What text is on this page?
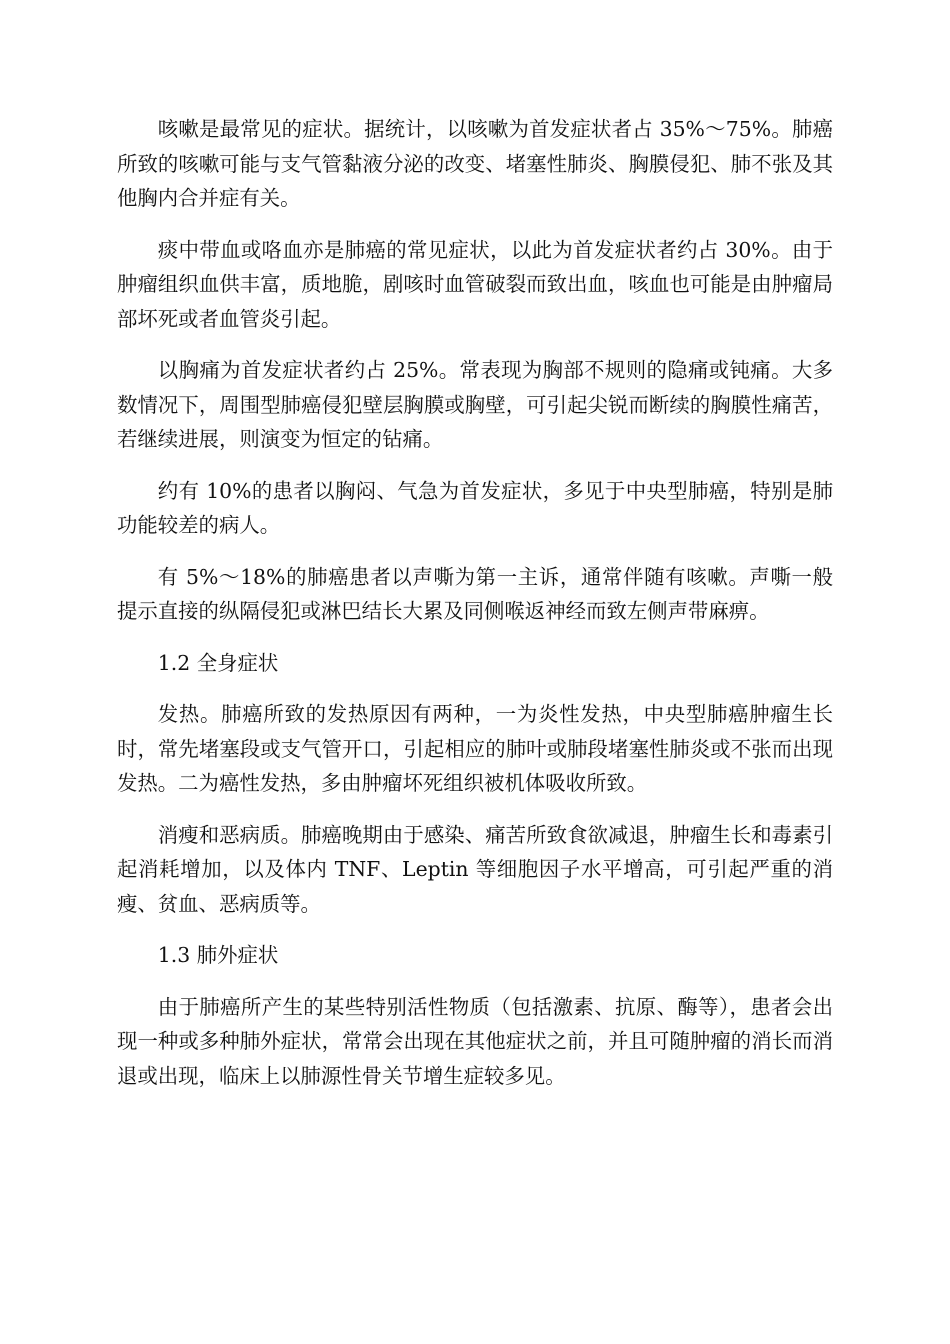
咳嗽是最常见的症状。据统计，以咳嗽为首发症状者占 35%～75%。肺癌所致的咳嗽可能与支气管黏液分泌的改变、堵塞性肺炎、胸膜侵犯、肺不张及其他胸内合并症有关。

痰中带血或咯血亦是肺癌的常见症状，以此为首发症状者约占 30%。由于肿瘤组织血供丰富，质地脆，剧咳时血管破裂而致出血，咳血也可能是由肿瘤局部坏死或者血管炎引起。

以胸痛为首发症状者约占 25%。常表现为胸部不规则的隐痛或钝痛。大多数情况下，周围型肺癌侵犯壁层胸膜或胸壁，可引起尖锐而断续的胸膜性痛苦，若继续进展，则演变为恒定的钻痛。

约有 10%的患者以胸闷、气急为首发症状，多见于中央型肺癌，特别是肺功能较差的病人。

有 5%～18%的肺癌患者以声嘶为第一主诉，通常伴随有咳嗽。声嘶一般提示直接的纵隔侵犯或淋巴结长大累及同侧喉返神经而致左侧声带麻痹。

1.2 全身症状

发热。肺癌所致的发热原因有两种，一为炎性发热，中央型肺癌肿瘤生长时，常先堵塞段或支气管开口，引起相应的肺叶或肺段堵塞性肺炎或不张而出现发热。二为癌性发热，多由肿瘤坏死组织被机体吸收所致。

消瘦和恶病质。肺癌晚期由于感染、痛苦所致食欲减退，肿瘤生长和毒素引起消耗增加，以及体内 TNF、Leptin 等细胞因子水平增高，可引起严重的消瘦、贫血、恶病质等。

1.3 肺外症状

由于肺癌所产生的某些特别活性物质（包括激素、抗原、酶等），患者会出现一种或多种肺外症状，常常会出现在其他症状之前，并且可随肿瘤的消长而消退或出现，临床上以肺源性骨关节增生症较多见。
